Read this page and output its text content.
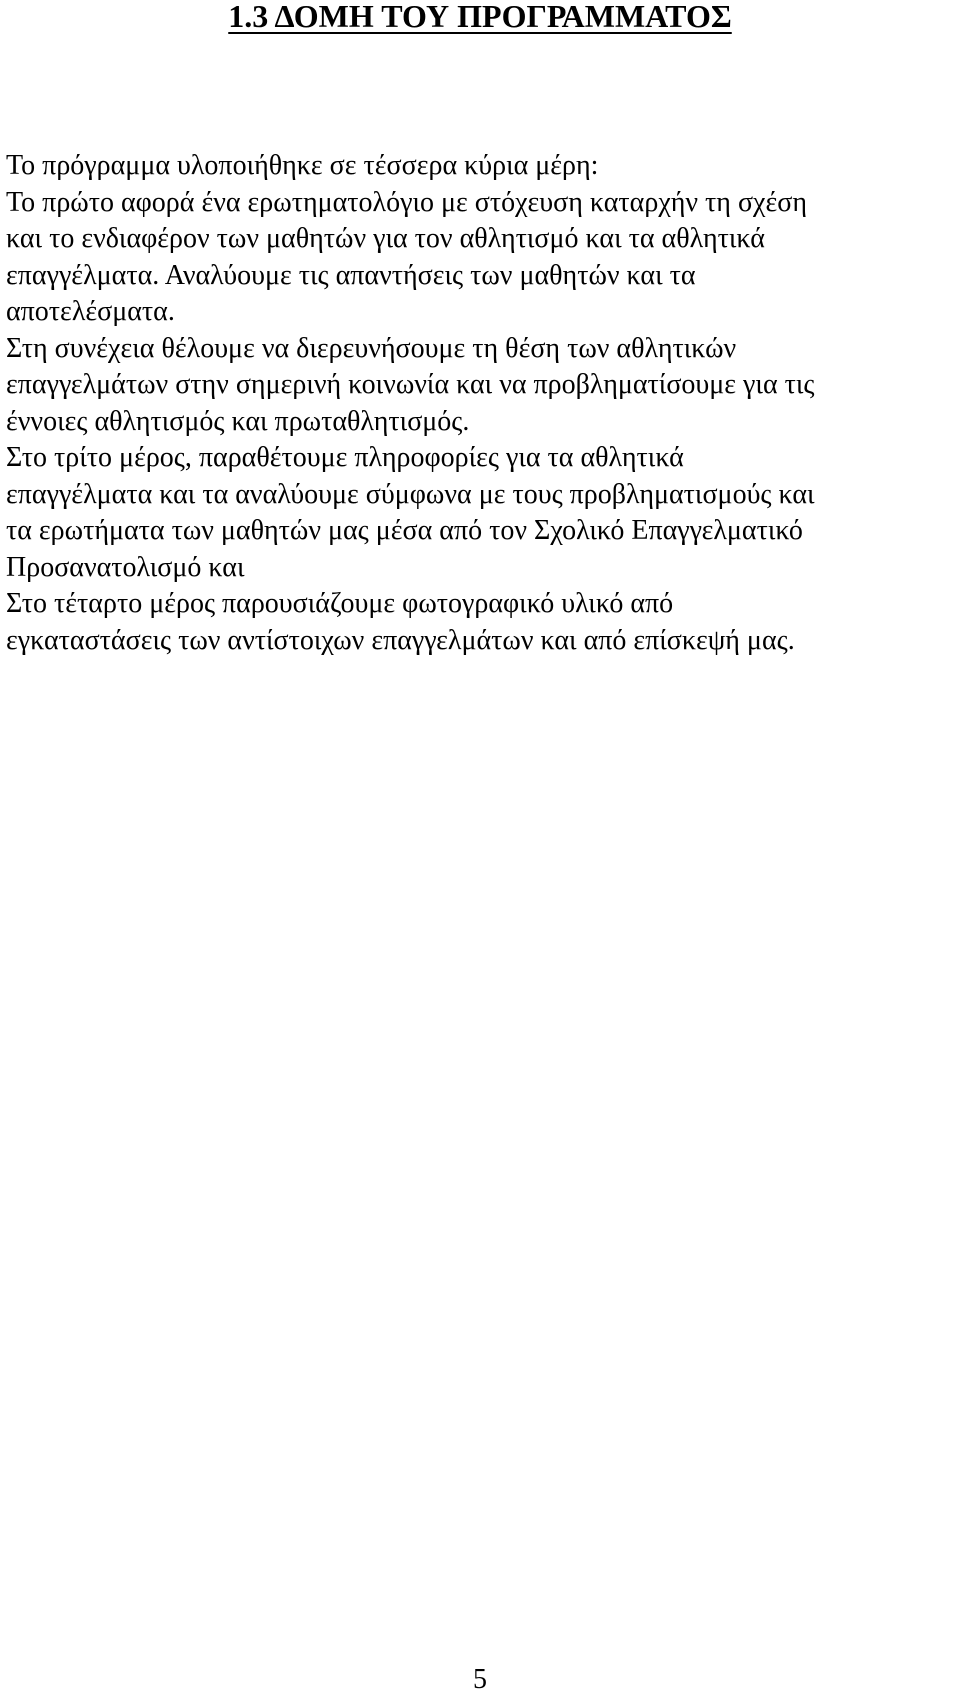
1.3 ΔΟΜΗ ΤΟΥ ΠΡΟΓΡΑΜΜΑΤΟΣ
Το πρόγραμμα υλοποιήθηκε σε τέσσερα κύρια μέρη:
Το πρώτο αφορά ένα ερωτηματολόγιο με στόχευση καταρχήν τη σχέση
και το ενδιαφέρον των μαθητών για τον αθλητισμό και τα αθλητικά
επαγγέλματα. Αναλύουμε τις απαντήσεις των μαθητών και τα
αποτελέσματα.
Στη συνέχεια θέλουμε να διερευνήσουμε τη θέση των αθλητικών
επαγγελμάτων στην σημερινή κοινωνία και να προβληματίσουμε για τις
έννοιες αθλητισμός και πρωταθλητισμός.
Στο τρίτο μέρος, παραθέτουμε πληροφορίες για τα αθλητικά
επαγγέλματα και τα αναλύουμε σύμφωνα με τους προβληματισμούς και
τα ερωτήματα των μαθητών μας μέσα από τον Σχολικό Επαγγελματικό
Προσανατολισμό και
Στο τέταρτο μέρος παρουσιάζουμε φωτογραφικό υλικό από
εγκαταστάσεις των αντίστοιχων επαγγελμάτων και από επίσκεψή μας.
5
